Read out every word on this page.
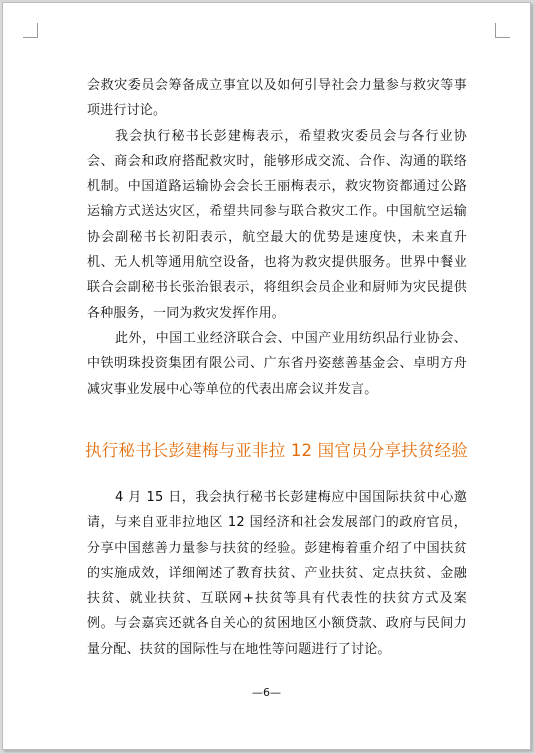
会救灾委员会筹备成立事宜以及如何引导社会力量参与救灾等事项进行讨论。

我会执行秘书长彭建梅表示，希望救灾委员会与各行业协会、商会和政府搭配救灾时，能够形成交流、合作、沟通的联络机制。中国道路运输协会会长王丽梅表示，救灾物资都通过公路运输方式送达灾区，希望共同参与联合救灾工作。中国航空运输协会副秘书长初阳表示，航空最大的优势是速度快，未来直升机、无人机等通用航空设备，也将为救灾提供服务。世界中餐业联合会副秘书长张治银表示，将组织会员企业和厨师为灾民提供各种服务，一同为救灾发挥作用。

此外，中国工业经济联合会、中国产业用纺织品行业协会、中铁明珠投资集团有限公司、广东省丹姿慈善基金会、卓明方舟减灾事业发展中心等单位的代表出席会议并发言。

执行秘书长彭建梅与亚非拉 12 国官员分享扶贫经验

4 月 15 日，我会执行秘书长彭建梅应中国国际扶贫中心邀请，与来自亚非拉地区 12 国经济和社会发展部门的政府官员，分享中国慈善力量参与扶贫的经验。彭建梅着重介绍了中国扶贫的实施成效，详细阐述了教育扶贫、产业扶贫、定点扶贫、金融扶贫、就业扶贫、互联网+扶贫等具有代表性的扶贫方式及案例。与会嘉宾还就各自关心的贫困地区小额贷款、政府与民间力量分配、扶贫的国际性与在地性等问题进行了讨论。

—6—
